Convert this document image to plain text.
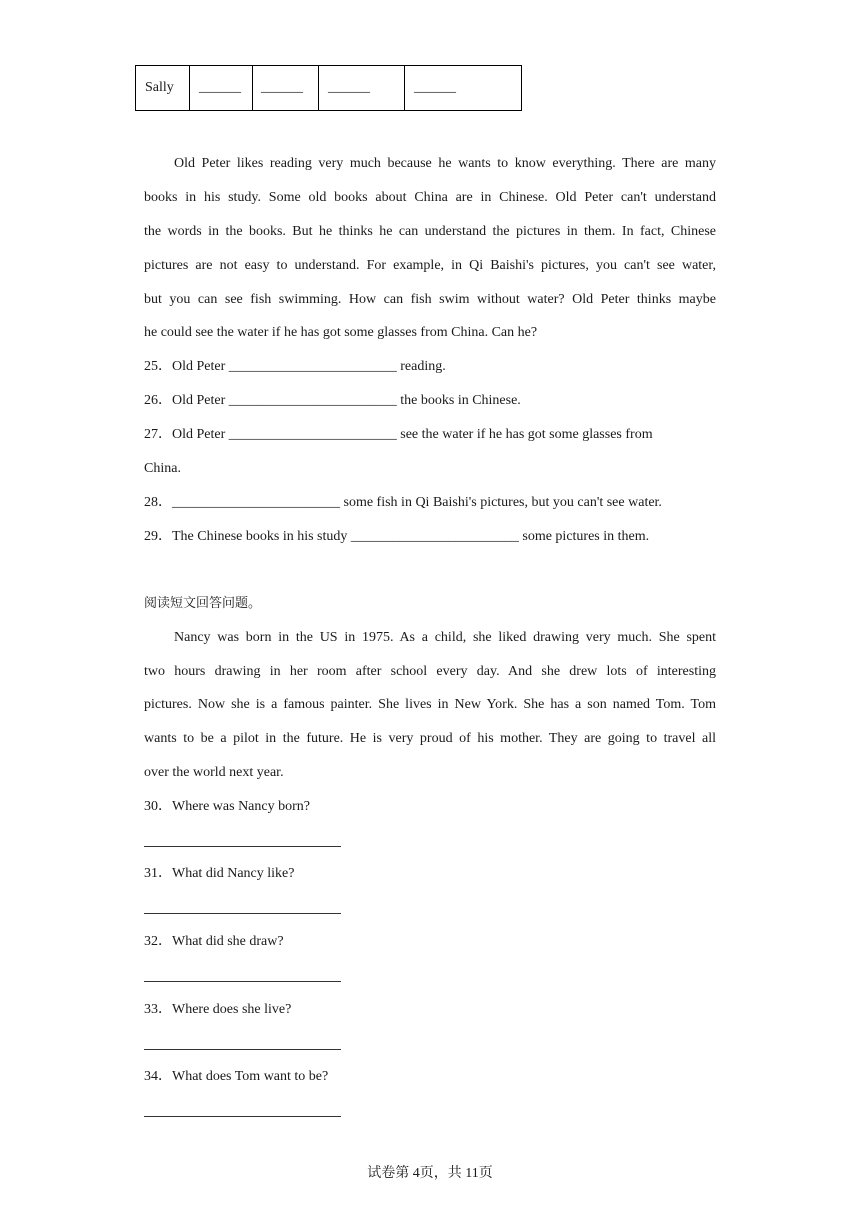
Sally	______	______	______	______
Old Peter likes reading very much because he wants to know everything. There are many
books in his study. Some old books about China are in Chinese. Old Peter can't understand
the words in the books. But he thinks he can understand the pictures in them. In fact, Chinese
pictures are not easy to understand. For example, in Qi Baishi's pictures, you can't see water,
but you can see fish swimming. How can fish swim without water? Old Peter thinks maybe
he could see the water if he has got some glasses from China. Can he?
25．Old Peter ________________________ reading.
26．Old Peter ________________________ the books in Chinese.
27．Old Peter ________________________ see the water if he has got some glasses from
China.
28．________________________ some fish in Qi Baishi's pictures, but you can't see water.
29．The Chinese books in his study ________________________ some pictures in them.
阅读短文回答问题。
Nancy was born in the US in 1975. As a child, she liked drawing very much. She spent
two hours drawing in her room after school every day. And she drew lots of interesting
pictures. Now she is a famous painter. She lives in New York. She has a son named Tom. Tom
wants to be a pilot in the future. He is very proud of his mother. They are going to travel all
over the world next year.
30．Where was Nancy born?
31．What did Nancy like?
32．What did she draw?
33．Where does she live?
34．What does Tom want to be?
试卷第 4页，共 11页
